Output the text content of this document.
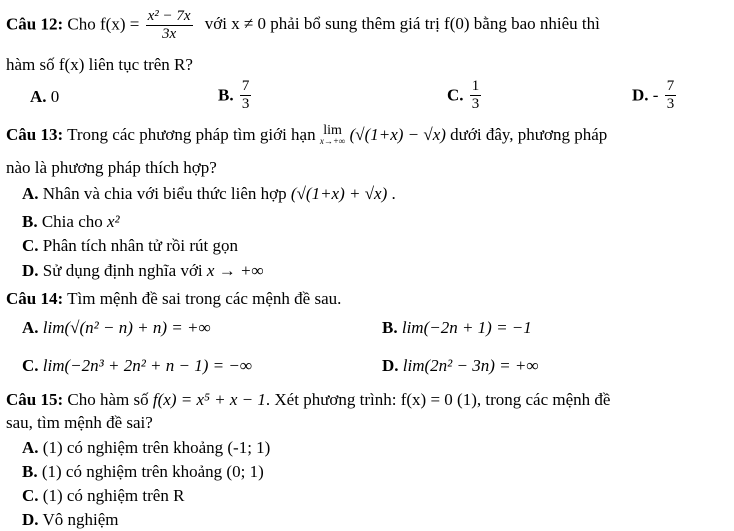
Câu 12: Cho $f(x) = \frac{\text{x² − 7x}}{3x}$ với x ≠ 0 phải bổ sung thêm giá trị f(0) bằng bao nhiêu thì
hàm số f(x) liên tục trên R?
A. 0	B. $\frac{7}{3}$	C. $\frac{1}{3}$	D. - $\frac{7}{3}$
Câu 13: Trong các phương pháp tìm giới hạn lim
x→+∞ (√(1+x) − √x) dưới đây, phương pháp
nào là phương pháp thích hợp?
A. Nhân và chia với biểu thức liên hợp (√(1+x) + √x) .
B. Chia cho x²
C. Phân tích nhân tử rồi rút gọn
D. Sử dụng định nghĩa với x → +∞
Câu 14: Tìm mệnh đề sai trong các mệnh đề sau.
A. lim(√(n² − n) + n) = +∞	B. lim(−2n + 1) = −1
C. lim(−2n³ + 2n² + n − 1) = −∞	D. lim(2n² − 3n) = +∞
Câu 15: Cho hàm số f(x) = x⁵ + x − 1. Xét phương trình: f(x) = 0 (1), trong các mệnh đề
sau, tìm mệnh đề sai?
A. (1) có nghiệm trên khoảng (-1; 1)
B. (1) có nghiệm trên khoảng (0; 1)
C. (1) có nghiệm trên R
D. Vô nghiệm
